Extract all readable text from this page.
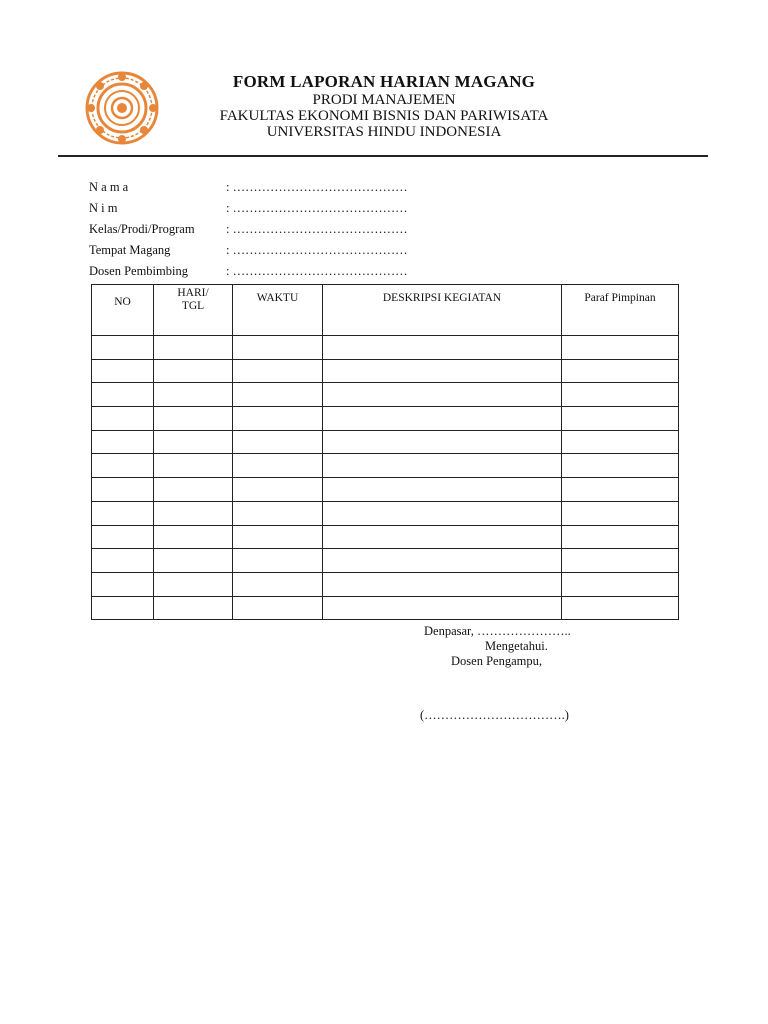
FORM LAPORAN HARIAN MAGANG
PRODI MANAJEMEN
FAKULTAS EKONOMI BISNIS DAN PARIWISATA
UNIVERSITAS HINDU INDONESIA
N a m a	: ……………………………………
N i m	: ……………………………………
Kelas/Prodi/Program	: ……………………………………
Tempat Magang	: ……………………………………
Dosen Pembimbing	: ……………………………………
NO	HARI/ TGL	WAKTU	DESKRIPSI KEGIATAN	Paraf Pimpinan

Denpasar, …………………..
Mengetahui.
Dosen Pengampu,
(…………………………….)
